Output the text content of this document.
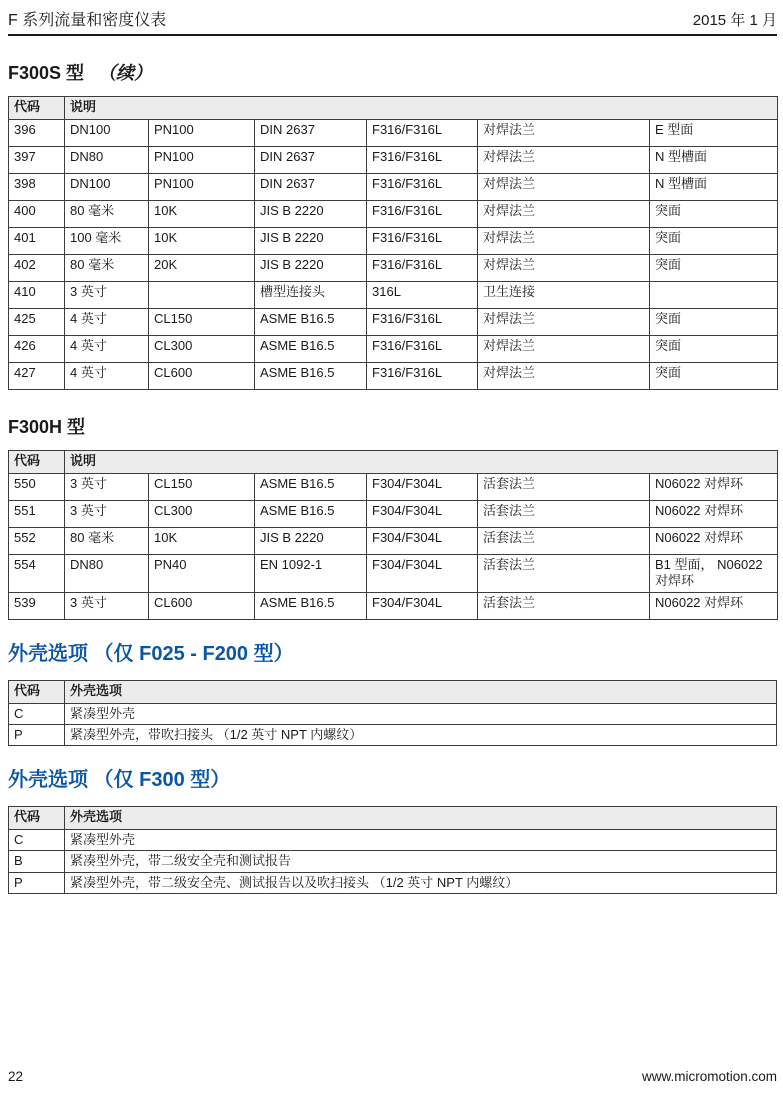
F 系列流量和密度仪表	2015 年 1 月
F300S 型 （续）
代码	说明					
396	DN100	PN100	DIN 2637	F316/F316L	对焊法兰	E 型面
397	DN80	PN100	DIN 2637	F316/F316L	对焊法兰	N 型槽面
398	DN100	PN100	DIN 2637	F316/F316L	对焊法兰	N 型槽面
400	80 毫米	10K	JIS B 2220	F316/F316L	对焊法兰	突面
401	100 毫米	10K	JIS B 2220	F316/F316L	对焊法兰	突面
402	80 毫米	20K	JIS B 2220	F316/F316L	对焊法兰	突面
410	3 英寸		槽型连接头	316L	卫生连接	
425	4 英寸	CL150	ASME B16.5	F316/F316L	对焊法兰	突面
426	4 英寸	CL300	ASME B16.5	F316/F316L	对焊法兰	突面
427	4 英寸	CL600	ASME B16.5	F316/F316L	对焊法兰	突面
F300H 型
代码	说明					
550	3 英寸	CL150	ASME B16.5	F304/F304L	活套法兰	N06022 对焊环
551	3 英寸	CL300	ASME B16.5	F304/F304L	活套法兰	N06022 对焊环
552	80 毫米	10K	JIS B 2220	F304/F304L	活套法兰	N06022 对焊环
554	DN80	PN40	EN 1092-1	F304/F304L	活套法兰	B1 型面， N06022 对焊环
539	3 英寸	CL600	ASME B16.5	F304/F304L	活套法兰	N06022 对焊环
外壳选项 （仅 F025 - F200 型）
代码	外壳选项
C	紧凑型外壳
P	紧凑型外壳，带吹扫接头 （1/2 英寸 NPT 内螺纹）
外壳选项 （仅 F300 型）
代码	外壳选项
C	紧凑型外壳
B	紧凑型外壳，带二级安全壳和测试报告
P	紧凑型外壳，带二级安全壳、测试报告以及吹扫接头 （1/2 英寸 NPT 内螺纹）
22	www.micromotion.com
